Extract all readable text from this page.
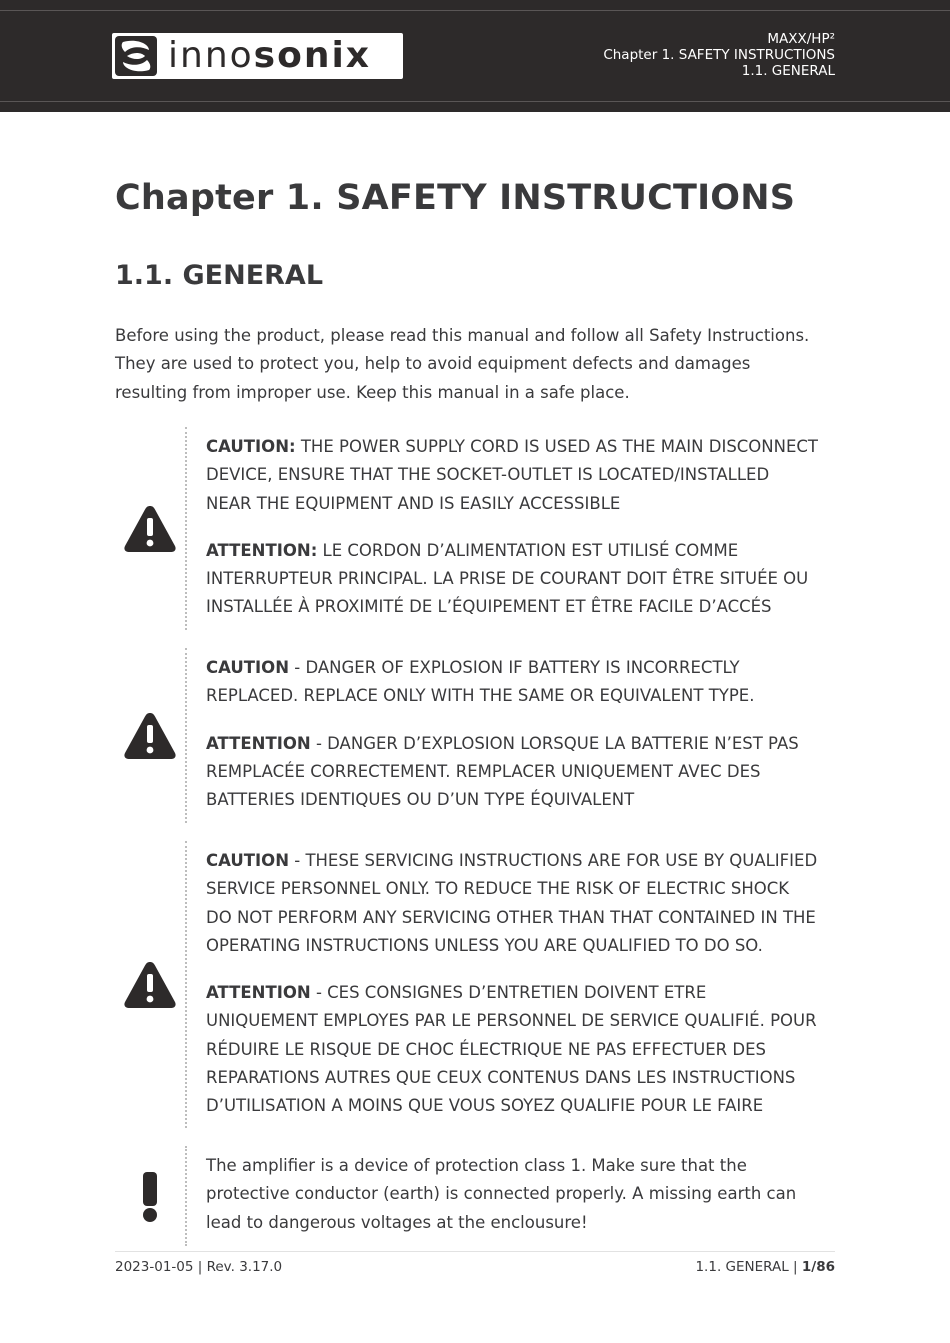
innosonix	MAXX/HP²
Chapter 1. SAFETY INSTRUCTIONS
1.1. GENERAL
Chapter 1. SAFETY INSTRUCTIONS
1.1. GENERAL

Before using the product, please read this manual and follow all Safety Instructions. They are used to protect you, help to avoid equipment defects and damages resulting from improper use. Keep this manual in a safe place.

CAUTION: THE POWER SUPPLY CORD IS USED AS THE MAIN DISCONNECT DEVICE, ENSURE THAT THE SOCKET-OUTLET IS LOCATED/INSTALLED NEAR THE EQUIPMENT AND IS EASILY ACCESSIBLE

ATTENTION: LE CORDON D’ALIMENTATION EST UTILISÉ COMME INTERRUPTEUR PRINCIPAL. LA PRISE DE COURANT DOIT ÊTRE SITUÉE OU INSTALLÉE À PROXIMITÉ DE L’ÉQUIPEMENT ET ÊTRE FACILE D’ACCÉS

CAUTION - DANGER OF EXPLOSION IF BATTERY IS INCORRECTLY REPLACED. REPLACE ONLY WITH THE SAME OR EQUIVALENT TYPE.

ATTENTION - DANGER D’EXPLOSION LORSQUE LA BATTERIE N’EST PAS REMPLACÉE CORRECTEMENT. REMPLACER UNIQUEMENT AVEC DES BATTERIES IDENTIQUES OU D’UN TYPE ÉQUIVALENT

CAUTION - THESE SERVICING INSTRUCTIONS ARE FOR USE BY QUALIFIED SERVICE PERSONNEL ONLY. TO REDUCE THE RISK OF ELECTRIC SHOCK DO NOT PERFORM ANY SERVICING OTHER THAN THAT CONTAINED IN THE OPERATING INSTRUCTIONS UNLESS YOU ARE QUALIFIED TO DO SO.

ATTENTION - CES CONSIGNES D’ENTRETIEN DOIVENT ETRE UNIQUEMENT EMPLOYES PAR LE PERSONNEL DE SERVICE QUALIFIÉ. POUR RÉDUIRE LE RISQUE DE CHOC ÉLECTRIQUE NE PAS EFFECTUER DES REPARATIONS AUTRES QUE CEUX CONTENUS DANS LES INSTRUCTIONS D’UTILISATION A MOINS QUE VOUS SOYEZ QUALIFIE POUR LE FAIRE

The amplifier is a device of protection class 1. Make sure that the protective conductor (earth) is connected properly. A missing earth can lead to dangerous voltages at the enclousure!

2023-01-05 | Rev. 3.17.0	1.1. GENERAL | 1/86
